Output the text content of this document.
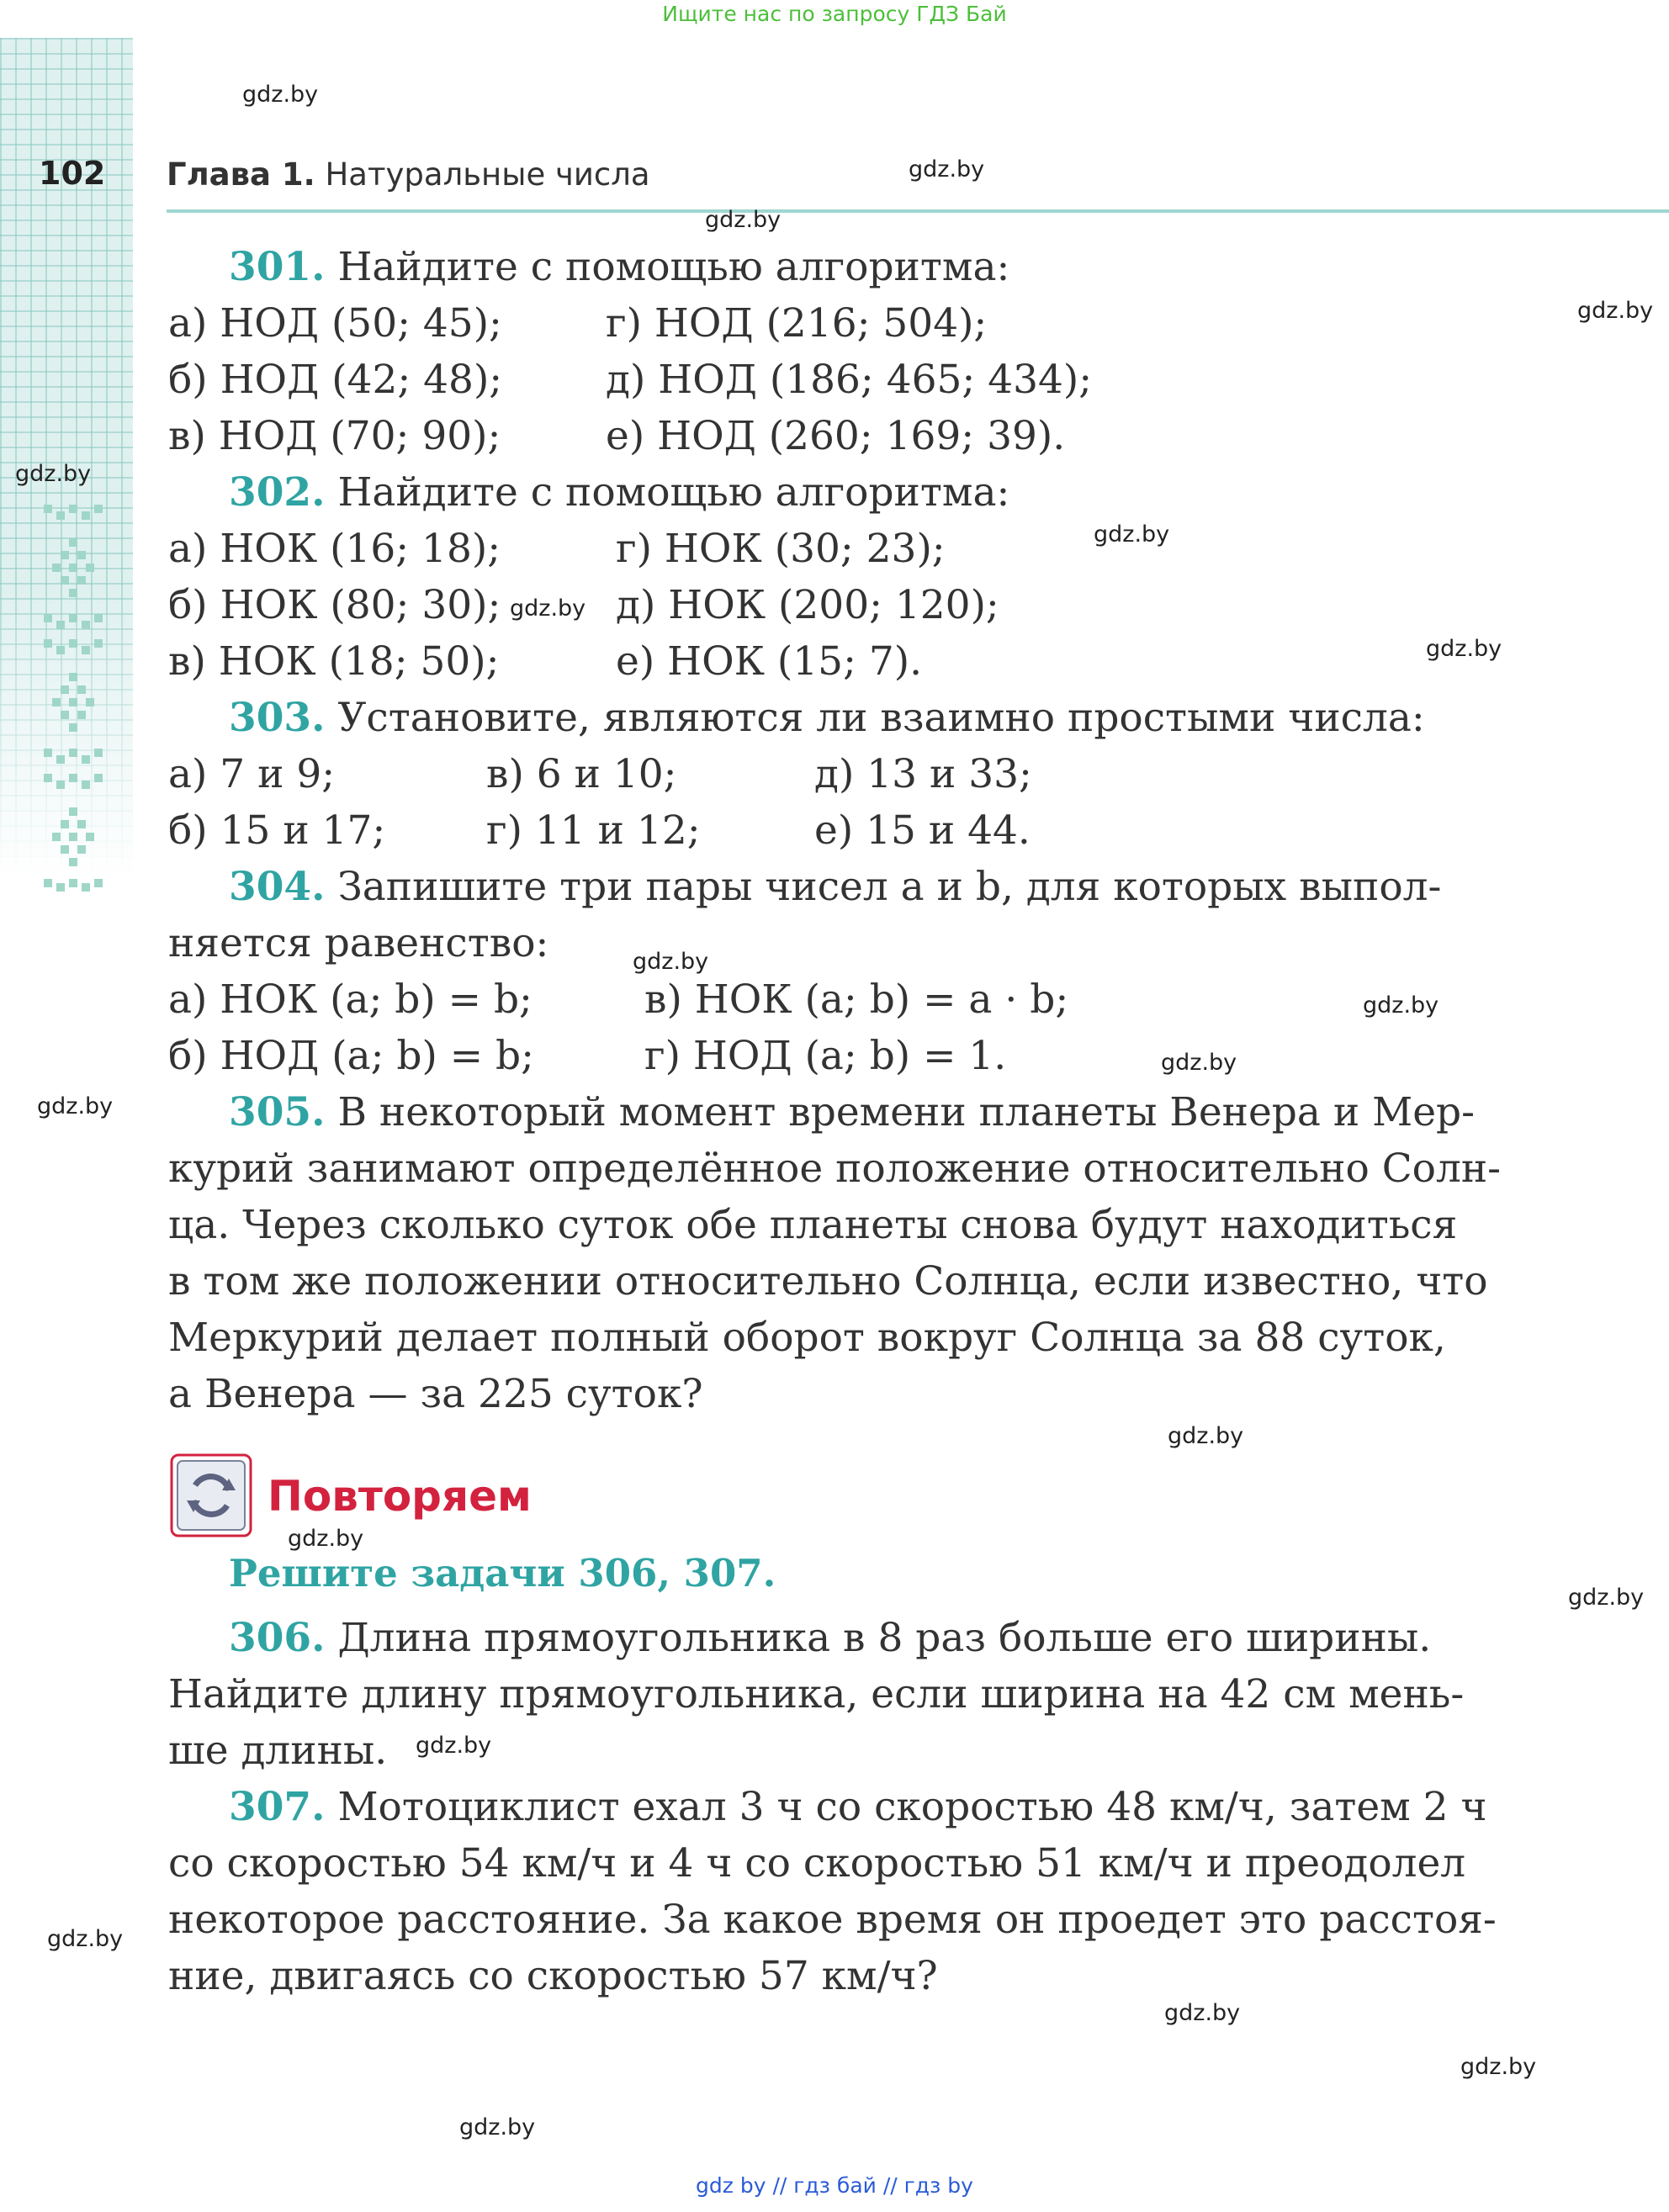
Ищите нас по запросу ГДЗ Бай
102 Глава 1. Натуральные числа
gdz.by
gdz.by
gdz.by
gdz.by
gdz.by
gdz.by
gdz.by
gdz.by
gdz.by
gdz.by
gdz.by
gdz.by
gdz.by
gdz.by
gdz.by
gdz.by
gdz.by
gdz.by
gdz.by
gdz.by
301. Найдите с помощью алгоритма:
а) НОД (50; 45);	г) НОД (216; 504);
б) НОД (42; 48);	д) НОД (186; 465; 434);
в) НОД (70; 90);	е) НОД (260; 169; 39).
302. Найдите с помощью алгоритма:
а) НОК (16; 18);	г) НОК (30; 23);
б) НОК (80; 30);	д) НОК (200; 120);
в) НОК (18; 50);	е) НОК (15; 7).
303. Установите, являются ли взаимно простыми числа:
а) 7 и 9;	в) 6 и 10;	д) 13 и 33;
б) 15 и 17;	г) 11 и 12;	е) 15 и 44.
304. Запишите три пары чисел a и b, для которых выпол-
няется равенство:
а) НОК (a; b) = b;	в) НОК (a; b) = a · b;
б) НОД (a; b) = b;	г) НОД (a; b) = 1.
305. В некоторый момент времени планеты Венера и Мер-
курий занимают определённое положение относительно Солн-
ца. Через сколько суток обе планеты снова будут находиться
в том же положении относительно Солнца, если известно, что
Меркурий делает полный оборот вокруг Солнца за 88 суток,
а Венера — за 225 суток?
Повторяем
Решите задачи 306, 307.
306. Длина прямоугольника в 8 раз больше его ширины.
Найдите длину прямоугольника, если ширина на 42 см мень-
ше длины.
307. Мотоциклист ехал 3 ч со скоростью 48 км/ч, затем 2 ч
со скоростью 54 км/ч и 4 ч со скоростью 51 км/ч и преодолел
некоторое расстояние. За какое время он проедет это расстоя-
ние, двигаясь со скоростью 57 км/ч?
gdz by // гдз бай // гдз by
